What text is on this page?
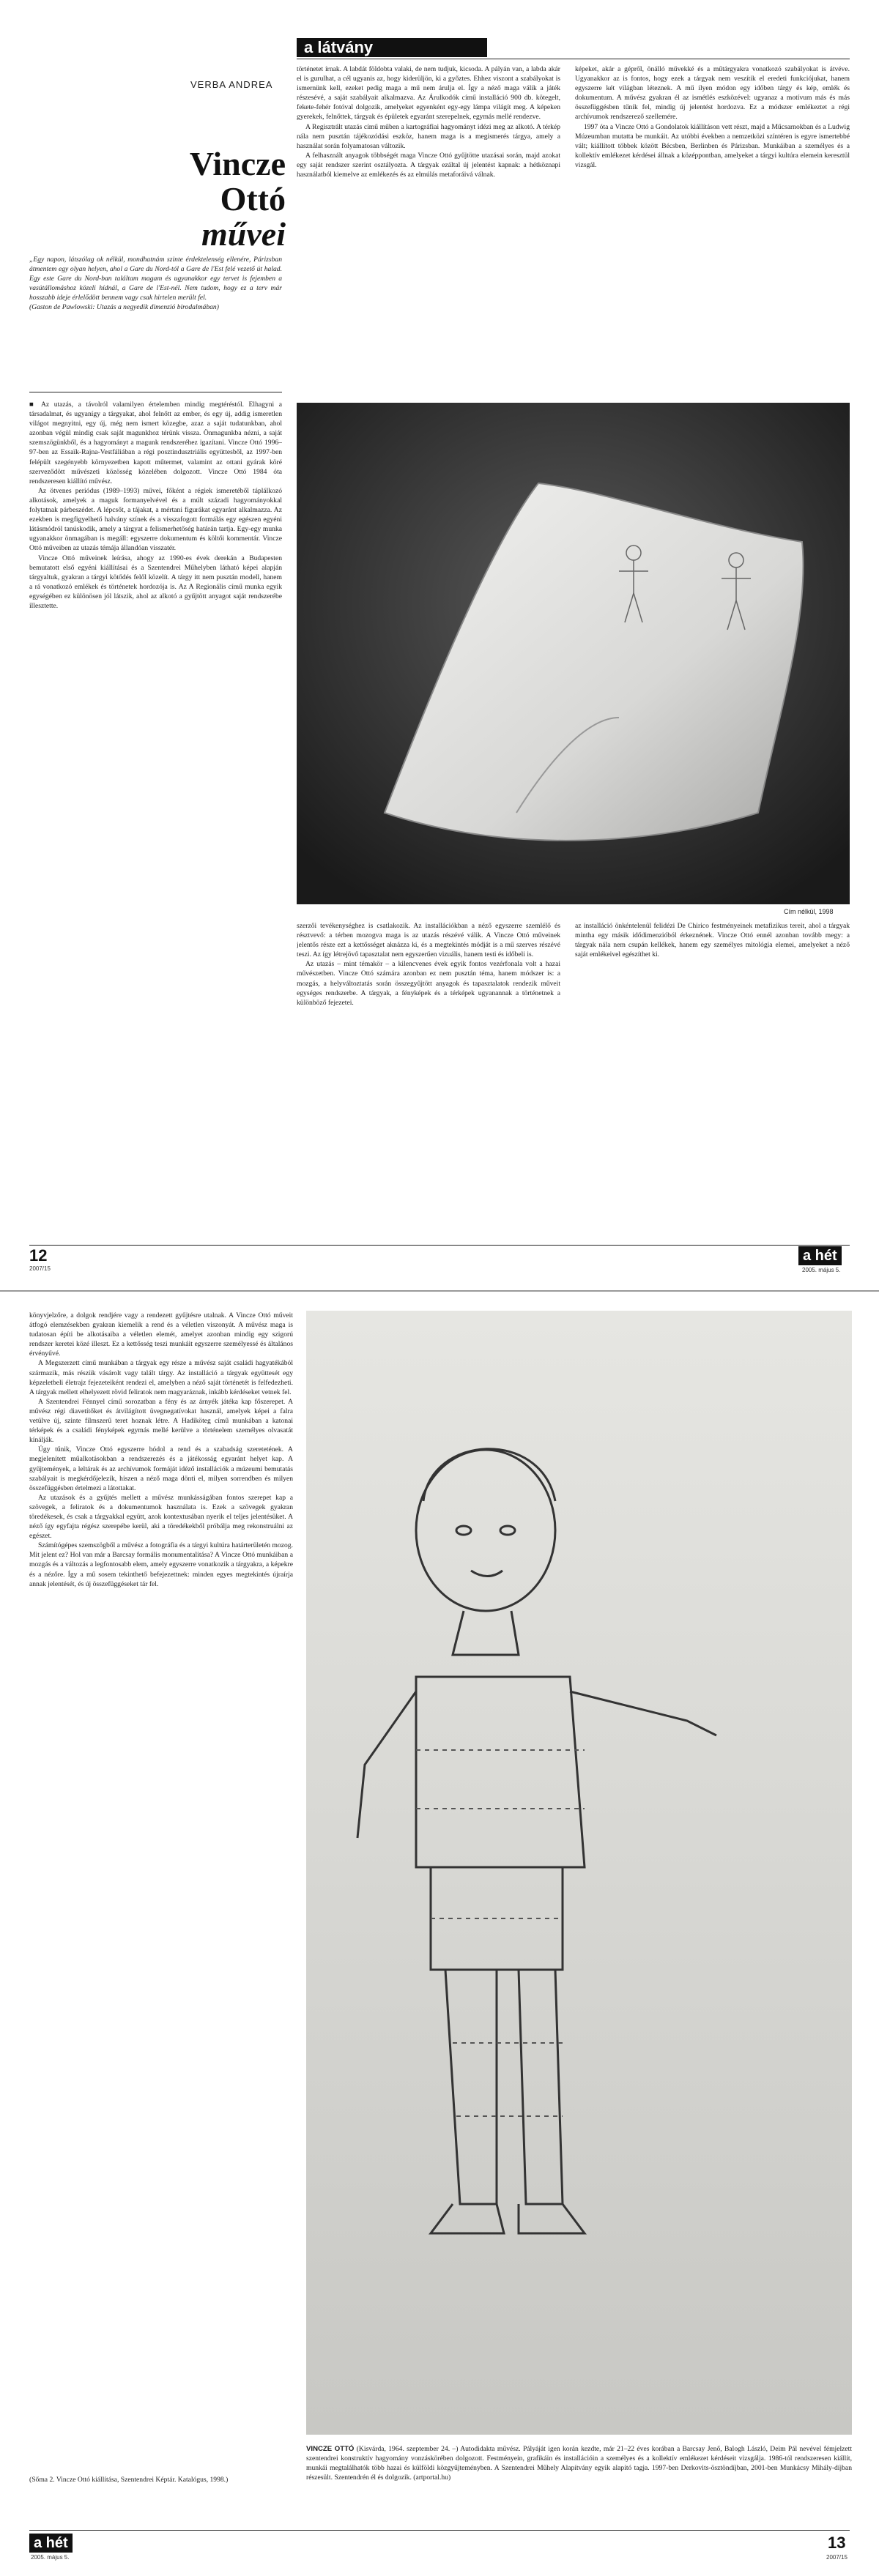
a látvány
VERBA ANDREA
Vincze
Ottó
művei
„Egy napon, látszólag ok nélkül, mondhatnám szinte érdektelenség ellenére, Párizsban átmentem egy olyan helyen, ahol a Gare du Nord-tól a Gare de l'Est felé vezető út halad. Egy este Gare du Nord-ban találtam magam és ugyanakkor egy tervet is fejemben a vasútállomáshoz közeli hídnál, a Gare de l'Est-nél. Nem tudom, hogy ez a terv már hosszabb ideje érlelődött bennem vagy csak hirtelen merült fel.
(Gaston de Pawlowski: Utazás a negyedik dimenzió birodalmában)

■ Az utazás, a távolról valamilyen értelemben mindig megtéréstól. Elhagyni a társadalmat, és ugyanígy a tárgyakat, ahol felnőtt az ember, és egy új, addig ismeretlen világot megnyitni, egy új, még nem ismert közegbe, azaz a saját tudatunkban, ahol azonban végül mindig csak saját magunkhoz térünk vissza. Önmagunkba nézni, a saját szemszögünkből, és a hagyományt a magunk rendszeréhez igazítani. Vincze Ottó 1996–97-ben az Essaïk-Rajna-Vestfáliában a régi posztindusztriális együttesből, az 1997-ben felépült szegényebb környezetben kapott műtermet, valamint az ottani gyárak köré szerveződött művészeti közösség közelében dolgozott. Vincze Ottó 1984 óta rendszeresen kiállító művész.

Az ötvenes periódus (1989–1993) művei, főként a régiek ismeretéből táplálkozó alkotások, amelyek a maguk formanyelvével és a múlt századi hagyományokkal folytatnak párbeszédet. A lépcsőt, a tájakat, a mértani figurákat egyaránt alkalmazza. Az ezekben is megfigyelhető halvány színek és a visszafogott formálás egy egészen egyéni látásmódról tanúskodik, amely a tárgyat a felismerhetőség határán tartja. Egy-egy munka ugyanakkor önmagában is megáll: egyszerre dokumentum és költői kommentár. Vincze Ottó műveiben az utazás témája állandóan visszatér.

Vincze Ottó műveinek leírása, ahogy az 1990-es évek derekán a Budapesten bemutatott első egyéni kiállításai és a Szentendrei Műhelyben látható képei alapján tárgyaltuk, gyakran a tárgyi kötődés felől közelít. A tárgy itt nem pusztán modell, hanem a rá vonatkozó emlékek és történetek hordozója is. Az A Regionális című munka egyik egységében ez különösen jól látszik, ahol az alkotó a gyűjtött anyagot saját rendszerébe illesztette.

történetet írnak. A labdát földobta valaki, de nem tudjuk, kicsoda. A pályán van, a labda akár el is gurulhat, a cél ugyanis az, hogy kiderüljön, ki a győztes. Ehhez viszont a szabályokat is ismernünk kell, ezeket pedig maga a mű nem árulja el. Így a néző maga válik a játék részesévé, a saját szabályait alkalmazva. Az Árulkodók című installáció 900 db. kötegelt, fekete-fehér fotóval dolgozik, amelyeket egyenként egy-egy lámpa világít meg. A képeken gyerekek, felnőttek, tárgyak és épületek egyaránt szerepelnek, egymás mellé rendezve.

A Regisztrált utazás című műben a kartográfiai hagyományt idézi meg az alkotó. A térkép nála nem pusztán tájékozódási eszköz, hanem maga is a megismerés tárgya, amely a használat során folyamatosan változik.

A felhasznált anyagok többségét maga Vincze Ottó gyűjtötte utazásai során, majd azokat egy saját rendszer szerint osztályozta. A tárgyak ezáltal új jelentést kapnak: a hétköznapi használatból kiemelve az emlékezés és az elmúlás metaforáivá válnak.

képeket, akár a gépről, önálló művekké és a műtárgyakra vonatkozó szabályokat is átvéve. Ugyanakkor az is fontos, hogy ezek a tárgyak nem veszítik el eredeti funkciójukat, hanem egyszerre két világban léteznek. A mű ilyen módon egy időben tárgy és kép, emlék és dokumentum. A művész gyakran él az ismétlés eszközével: ugyanaz a motívum más és más összefüggésben tűnik fel, mindig új jelentést hordozva. Ez a módszer emlékeztet a régi archívumok rendszerező szellemére.

1997 óta a Vincze Ottó a Gondolatok kiállításon vett részt, majd a Műcsarnokban és a Ludwig Múzeumban mutatta be munkáit. Az utóbbi években a nemzetközi színtéren is egyre ismertebbé vált; kiállított többek között Bécsben, Berlinben és Párizsban. Munkáiban a személyes és a kollektív emlékezet kérdései állnak a középpontban, amelyeket a tárgyi kultúra elemein keresztül vizsgál.

Cím nélkül, 1998

szerzői tevékenységhez is csatlakozik. Az installációkban a néző egyszerre szemlélő és résztvevő: a térben mozogva maga is az utazás részévé válik. A Vincze Ottó műveinek jelentős része ezt a kettősséget aknázza ki, és a megtekintés módját is a mű szerves részévé teszi. Az így létrejövő tapasztalat nem egyszerűen vizuális, hanem testi és időbeli is.

Az utazás – mint témakör – a kilencvenes évek egyik fontos vezérfonala volt a hazai művészetben. Vincze Ottó számára azonban ez nem pusztán téma, hanem módszer is: a mozgás, a helyváltoztatás során összegyűjtött anyagok és tapasztalatok rendezik műveit egységes rendszerbe. A tárgyak, a fényképek és a térképek ugyanannak a történetnek a különböző fejezetei.

az installáció önkéntelenül felidézi De Chirico festményeinek metafizikus tereit, ahol a tárgyak mintha egy másik idődimenzióból érkeznének. Vincze Ottó ennél azonban tovább megy: a tárgyak nála nem csupán kellékek, hanem egy személyes mitológia elemei, amelyeket a néző saját emlékeivel egészíthet ki.

12
2007/15
a hét
2005. május 5.

könyvjelzőre, a dolgok rendjére vagy a rendezett gyűjtésre utalnak. A Vincze Ottó műveit átfogó elemzésekben gyakran kiemelik a rend és a véletlen viszonyát. A művész maga is tudatosan építi be alkotásaiba a véletlen elemét, amelyet azonban mindig egy szigorú rendszer keretei közé illeszt. Ez a kettősség teszi munkáit egyszerre személyessé és általános érvényűvé.

A Megszerzett című munkában a tárgyak egy része a művész saját családi hagyatékából származik, más részük vásárolt vagy talált tárgy. Az installáció a tárgyak együttesét egy képzeletbeli életrajz fejezeteiként rendezi el, amelyben a néző saját történetét is felfedezheti. A tárgyak mellett elhelyezett rövid feliratok nem magyaráznak, inkább kérdéseket vetnek fel.

A Szentendrei Fénnyel című sorozatban a fény és az árnyék játéka kap főszerepet. A művész régi diavetítőket és átvilágított üvegnegatívokat használ, amelyek képei a falra vetülve új, szinte filmszerű teret hoznak létre. A Hadiköteg című munkában a katonai térképek és a családi fényképek egymás mellé kerülve a történelem személyes olvasatát kínálják.

Úgy tűnik, Vincze Ottó egyszerre hódol a rend és a szabadság szeretetének. A megjelenített műalkotásokban a rendszerezés és a játékosság egyaránt helyet kap. A gyűjtemények, a leltárak és az archívumok formáját idéző installációk a múzeumi bemutatás szabályait is megkérdőjelezik, hiszen a néző maga dönti el, milyen sorrendben és milyen összefüggésben értelmezi a látottakat.

Az utazások és a gyűjtés mellett a művész munkásságában fontos szerepet kap a szövegek, a feliratok és a dokumentumok használata is. Ezek a szövegek gyakran töredékesek, és csak a tárgyakkal együtt, azok kontextusában nyerik el teljes jelentésüket. A néző így egyfajta régész szerepébe kerül, aki a töredékekből próbálja meg rekonstruálni az egészet.

Számítógépes szemszögből a művész a fotográfia és a tárgyi kultúra határterületén mozog. Mit jelent ez? Hol van már a Barcsay formális monumentalitása? A Vincze Ottó munkáiban a mozgás és a változás a legfontosabb elem, amely egyszerre vonatkozik a tárgyakra, a képekre és a nézőre. Így a mű sosem tekinthető befejezettnek: minden egyes megtekintés újraírja annak jelentését, és új összefüggéseket tár fel.

(Sőma 2. Vincze Ottó kiállítása, Szentendrei Képtár. Katalógus, 1998.)
VINCZE OTTÓ (Kisvárda, 1964. szeptember 24. –) Autodidakta művész. Pályáját igen korán kezdte, már 21–22 éves korában a Barcsay Jenő, Balogh László, Deim Pál nevével fémjelzett szentendrei konstruktív hagyomány vonzáskörében dolgozott. Festményein, grafikáin és installációin a személyes és a kollektív emlékezet kérdéseit vizsgálja. 1986-tól rendszeresen kiállít, munkái megtalálhatók több hazai és külföldi közgyűjteményben. A Szentendrei Műhely Alapítvány egyik alapító tagja. 1997-ben Derkovits-ösztöndíjban, 2001-ben Munkácsy Mihály-díjban részesült. Szentendrén él és dolgozik. (artportal.hu)
a hét
2005. május 5.
13
2007/15
